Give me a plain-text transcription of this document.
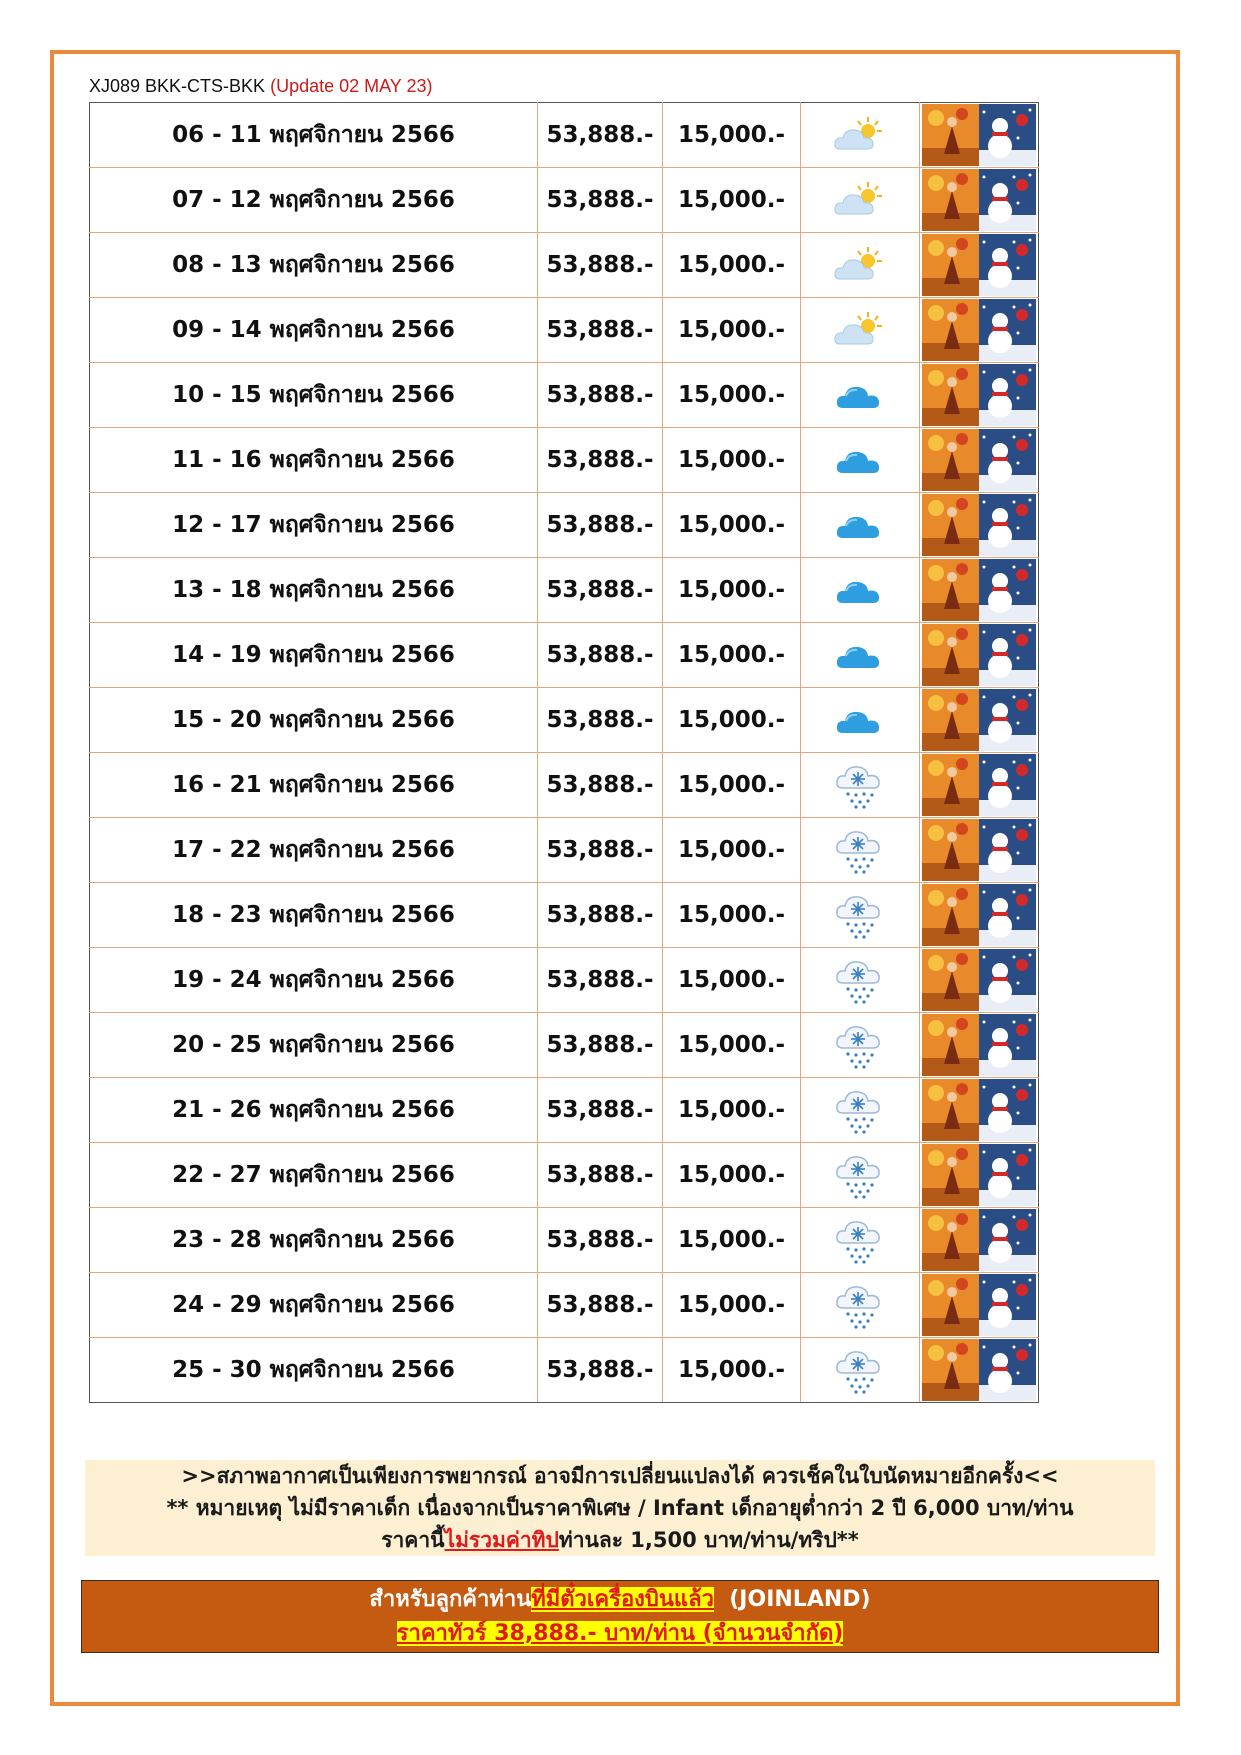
XJ089 BKK-CTS-BKK (Update 02 MAY 23)
06 - 11 พฤศจิกายน 2566	53,888.-	15,000.-	

07 - 12 พฤศจิกายน 2566	53,888.-	15,000.-	

08 - 13 พฤศจิกายน 2566	53,888.-	15,000.-	

09 - 14 พฤศจิกายน 2566	53,888.-	15,000.-	

10 - 15 พฤศจิกายน 2566	53,888.-	15,000.-	

11 - 16 พฤศจิกายน 2566	53,888.-	15,000.-	

12 - 17 พฤศจิกายน 2566	53,888.-	15,000.-	

13 - 18 พฤศจิกายน 2566	53,888.-	15,000.-	

14 - 19 พฤศจิกายน 2566	53,888.-	15,000.-	

15 - 20 พฤศจิกายน 2566	53,888.-	15,000.-	

16 - 21 พฤศจิกายน 2566	53,888.-	15,000.-	

17 - 22 พฤศจิกายน 2566	53,888.-	15,000.-	

18 - 23 พฤศจิกายน 2566	53,888.-	15,000.-	

19 - 24 พฤศจิกายน 2566	53,888.-	15,000.-	

20 - 25 พฤศจิกายน 2566	53,888.-	15,000.-	

21 - 26 พฤศจิกายน 2566	53,888.-	15,000.-	

22 - 27 พฤศจิกายน 2566	53,888.-	15,000.-	

23 - 28 พฤศจิกายน 2566	53,888.-	15,000.-	

24 - 29 พฤศจิกายน 2566	53,888.-	15,000.-	

25 - 30 พฤศจิกายน 2566	53,888.-	15,000.-	

>>สภาพอากาศเป็นเพียงการพยากรณ์ อาจมีการเปลี่ยนแปลงได้ ควรเช็คในใบนัดหมายอีกครั้ง<<
** หมายเหตุ ไม่มีราคาเด็ก เนื่องจากเป็นราคาพิเศษ / Infant เด็กอายุต่ำกว่า 2 ปี 6,000 บาท/ท่าน
ราคานี้ไม่รวมค่าทิปท่านละ 1,500 บาท/ท่าน/ทริป**
สำหรับลูกค้าท่านที่มีตั๋วเครื่องบินแล้ว  (JOINLAND)
ราคาทัวร์ 38,888.- บาท/ท่าน (จำนวนจำกัด)
